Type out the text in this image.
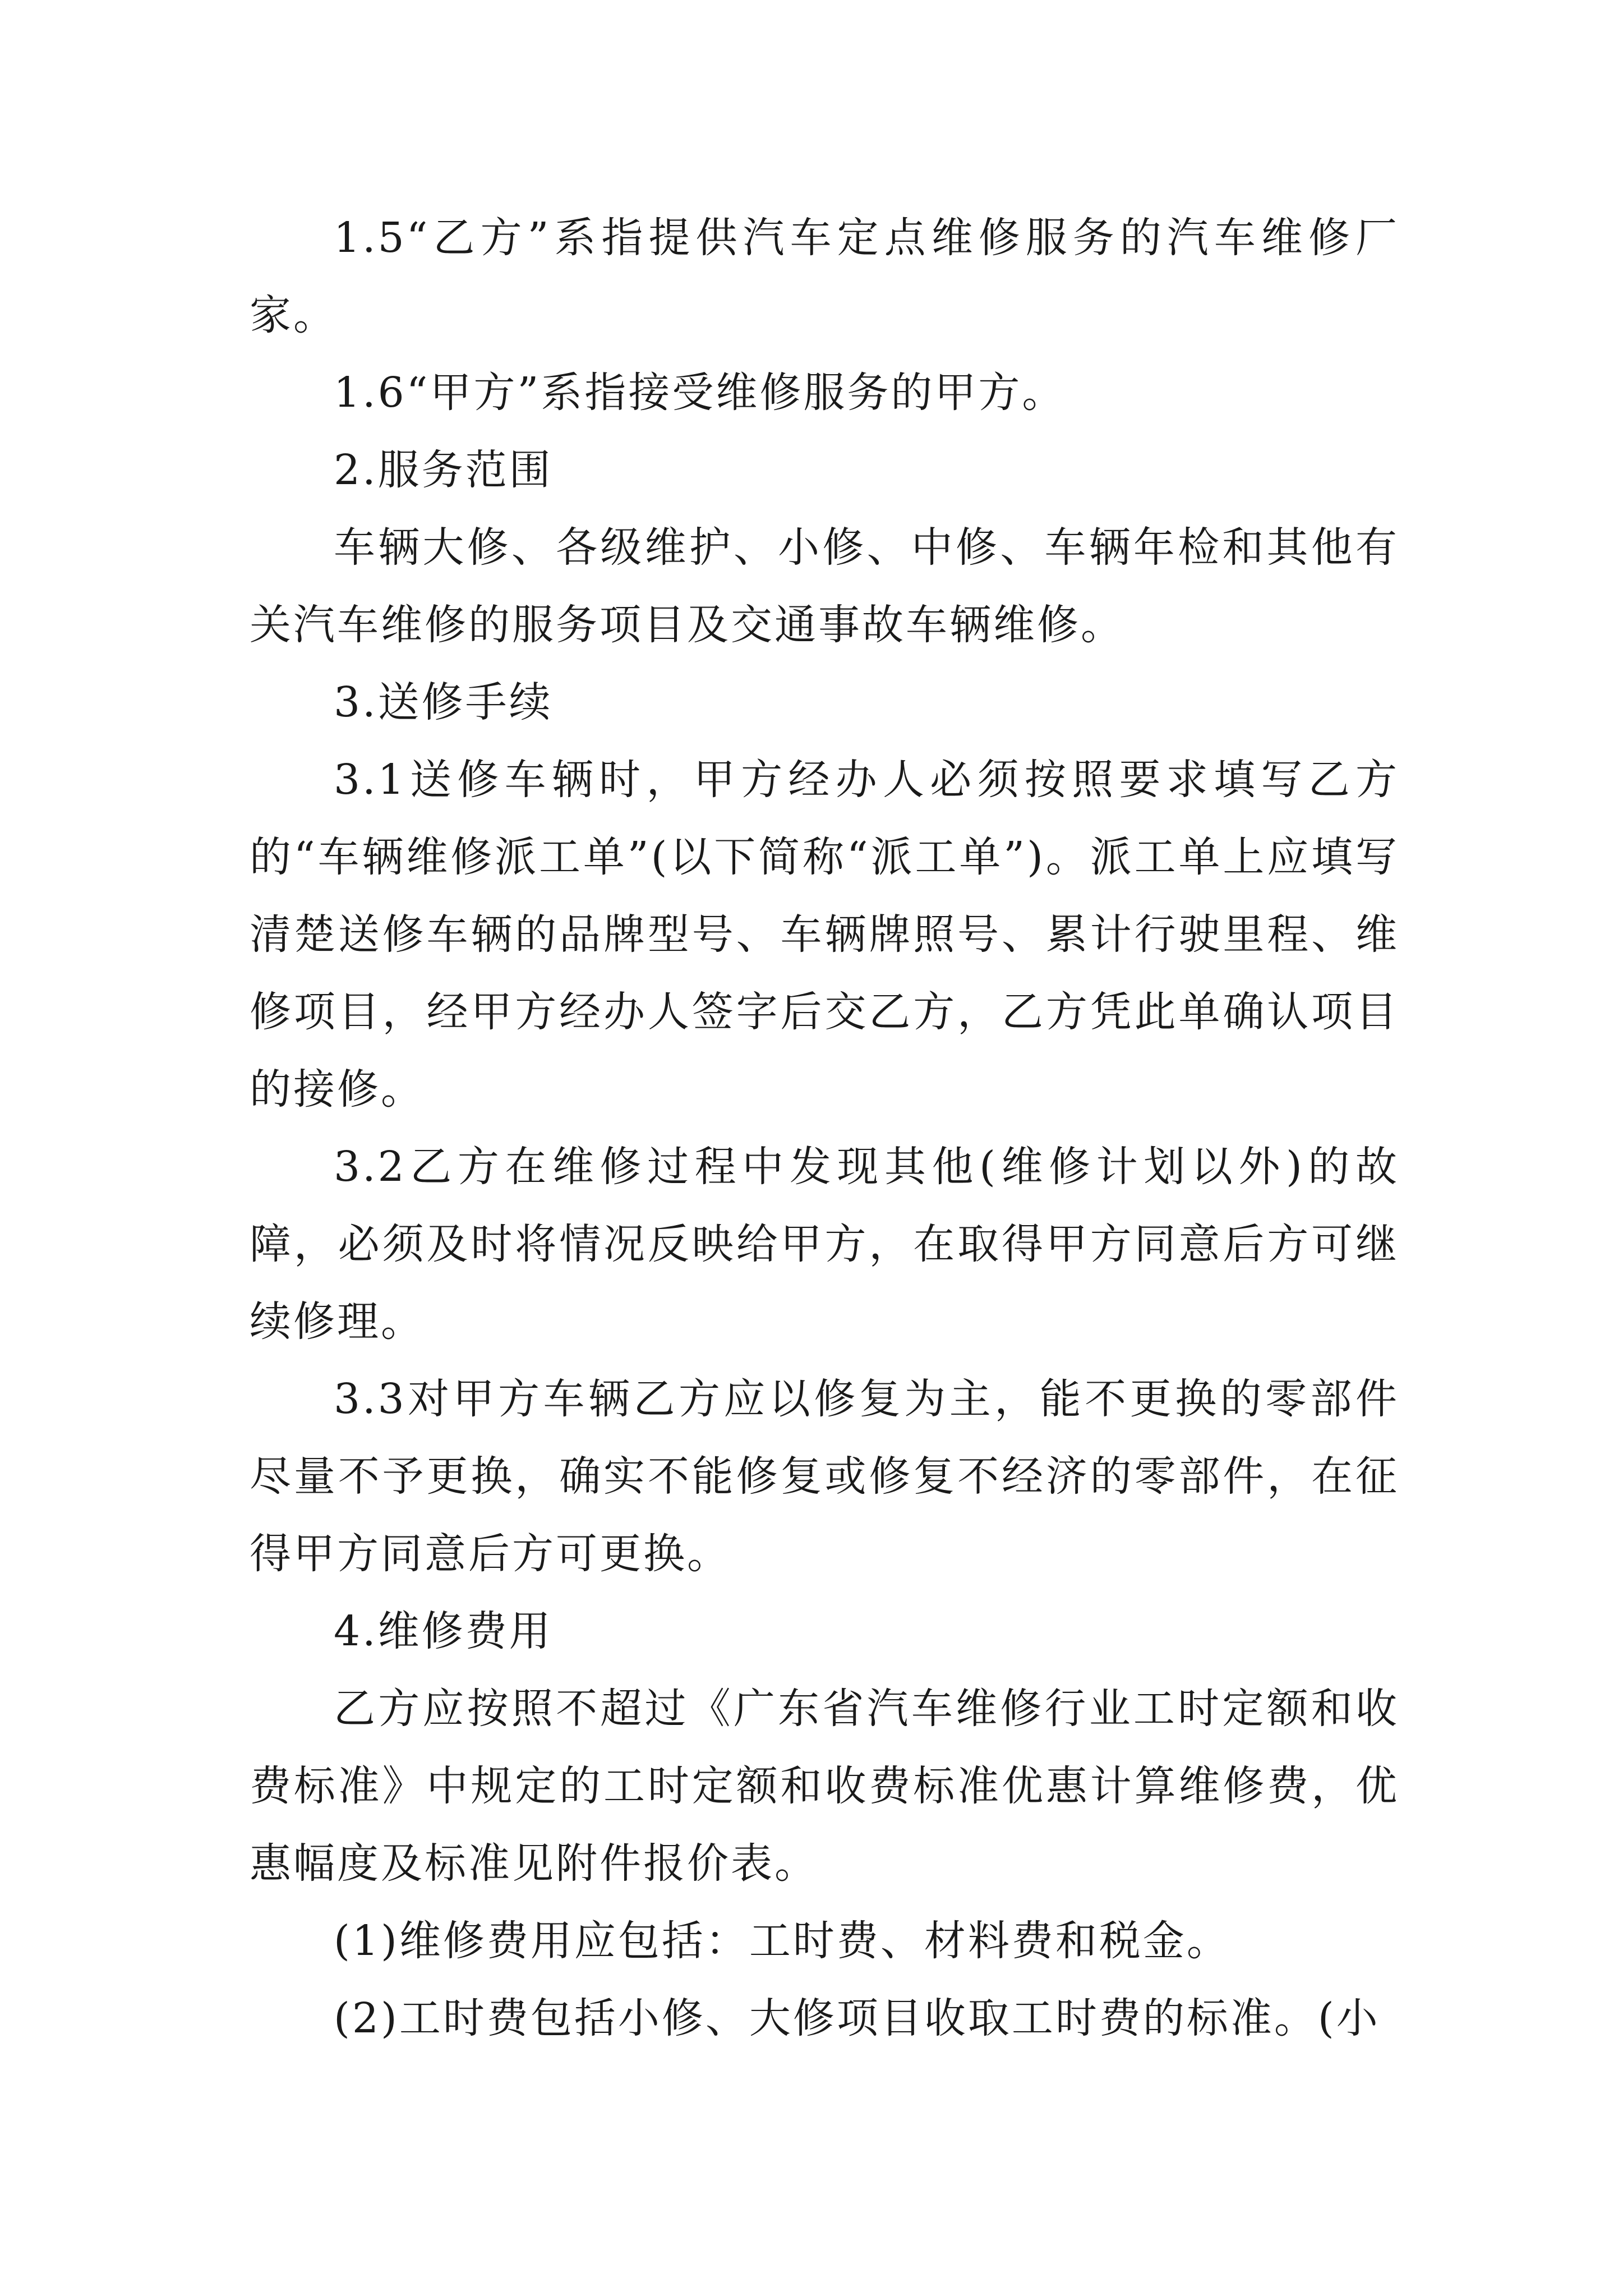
1.5“乙方”系指提供汽车定点维修服务的汽车维修厂家。

1.6“甲方”系指接受维修服务的甲方。

2.服务范围

车辆大修、各级维护、小修、中修、车辆年检和其他有关汽车维修的服务项目及交通事故车辆维修。

3.送修手续

3.1送修车辆时，甲方经办人必须按照要求填写乙方的“车辆维修派工单”(以下简称“派工单”)。派工单上应填写清楚送修车辆的品牌型号、车辆牌照号、累计行驶里程、维修项目，经甲方经办人签字后交乙方，乙方凭此单确认项目的接修。

3.2乙方在维修过程中发现其他(维修计划以外)的故障，必须及时将情况反映给甲方，在取得甲方同意后方可继续修理。

3.3对甲方车辆乙方应以修复为主，能不更换的零部件尽量不予更换，确实不能修复或修复不经济的零部件，在征得甲方同意后方可更换。

4.维修费用

乙方应按照不超过《广东省汽车维修行业工时定额和收费标准》中规定的工时定额和收费标准优惠计算维修费，优惠幅度及标准见附件报价表。

(1)维修费用应包括：工时费、材料费和税金。

(2)工时费包括小修、大修项目收取工时费的标准。(小
